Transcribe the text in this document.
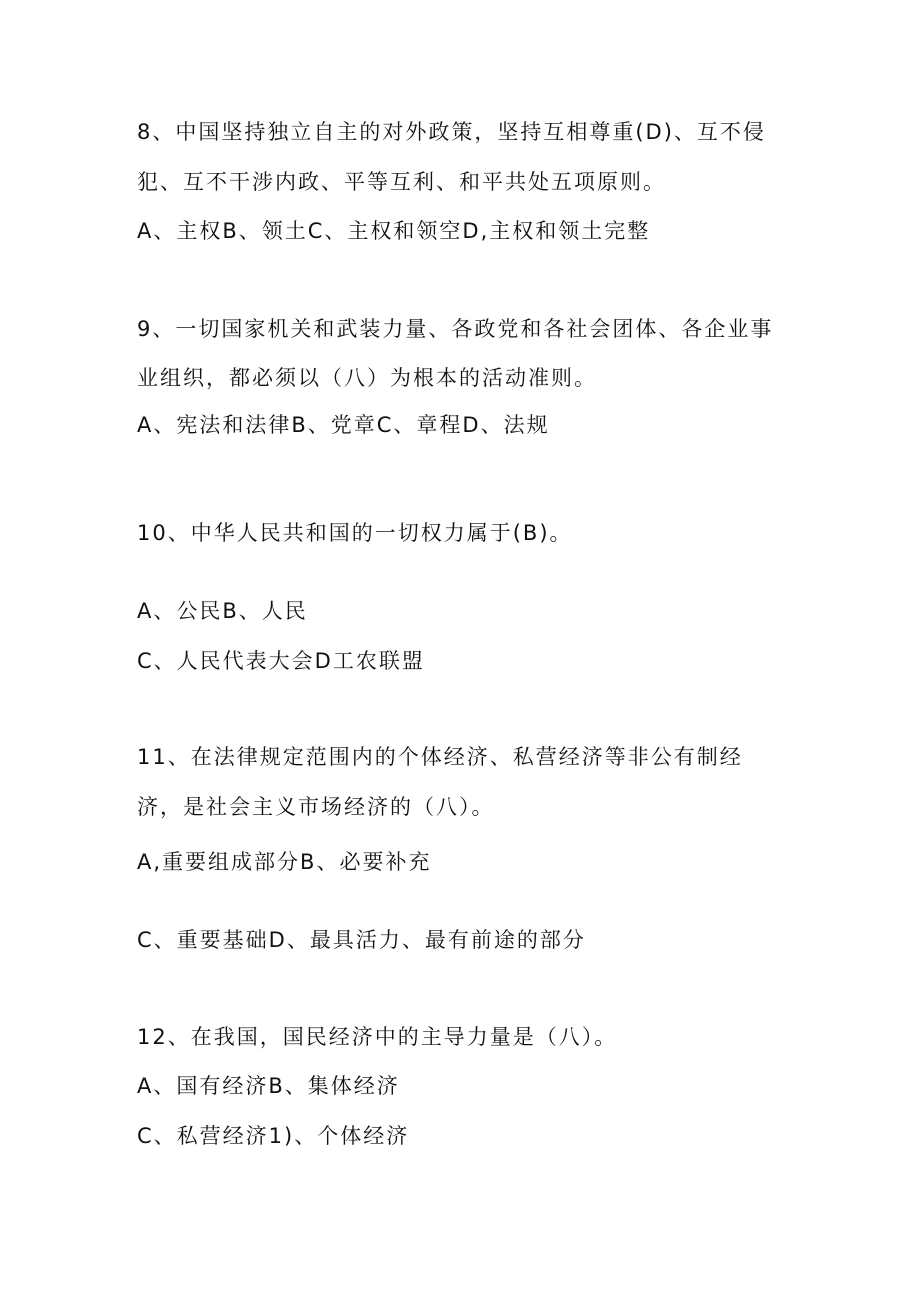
8、中国坚持独立自主的对外政策，坚持互相尊重(D)、互不侵
犯、互不干涉内政、平等互利、和平共处五项原则。
A、主权B、领土C、主权和领空D,主权和领土完整
9、一切国家机关和武装力量、各政党和各社会团体、各企业事
业组织，都必须以（八）为根本的活动准则。
A、宪法和法律B、党章C、章程D、法规
10、中华人民共和国的一切权力属于(B)。
A、公民B、人民
C、人民代表大会D工农联盟
11、在法律规定范围内的个体经济、私营经济等非公有制经
济，是社会主义市场经济的（八）。
A,重要组成部分B、必要补充
C、重要基础D、最具活力、最有前途的部分
12、在我国，国民经济中的主导力量是（八）。
A、国有经济B、集体经济
C、私营经济1)、个体经济
